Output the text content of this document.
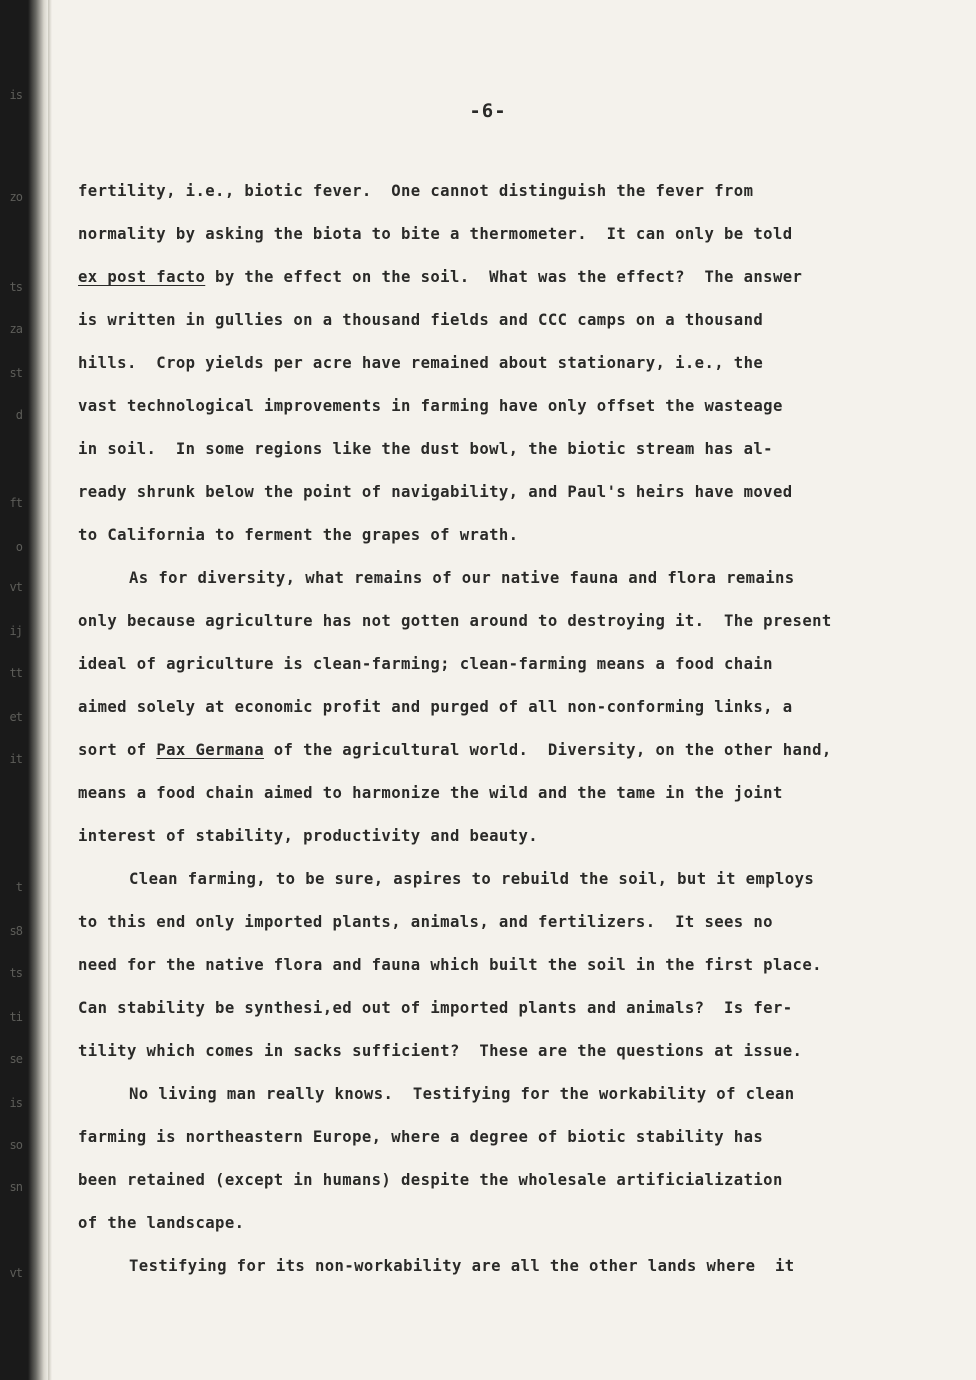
is
zo
ts
za
st
d
ft
o
vt
ij
tt
et
it
t
s8
ts
ti
se
is
so
sn
vt
-6-
fertility, i.e., biotic fever.  One cannot distinguish the fever from
normality by asking the biota to bite a thermometer.  It can only be told
ex post facto by the effect on the soil.  What was the effect?  The answer
is written in gullies on a thousand fields and CCC camps on a thousand
hills.  Crop yields per acre have remained about stationary, i.e., the
vast technological improvements in farming have only offset the wasteage
in soil.  In some regions like the dust bowl, the biotic stream has al-
ready shrunk below the point of navigability, and Paul's heirs have moved
to California to ferment the grapes of wrath.
As for diversity, what remains of our native fauna and flora remains
only because agriculture has not gotten around to destroying it.  The present
ideal of agriculture is clean-farming; clean-farming means a food chain
aimed solely at economic profit and purged of all non-conforming links, a
sort of Pax Germana of the agricultural world.  Diversity, on the other hand,
means a food chain aimed to harmonize the wild and the tame in the joint
interest of stability, productivity and beauty.
Clean farming, to be sure, aspires to rebuild the soil, but it employs
to this end only imported plants, animals, and fertilizers.  It sees no
need for the native flora and fauna which built the soil in the first place.
Can stability be synthesi,ed out of imported plants and animals?  Is fer-
tility which comes in sacks sufficient?  These are the questions at issue.
No living man really knows.  Testifying for the workability of clean
farming is northeastern Europe, where a degree of biotic stability has
been retained (except in humans) despite the wholesale artificialization
of the landscape.
Testifying for its non-workability are all the other lands where  it
